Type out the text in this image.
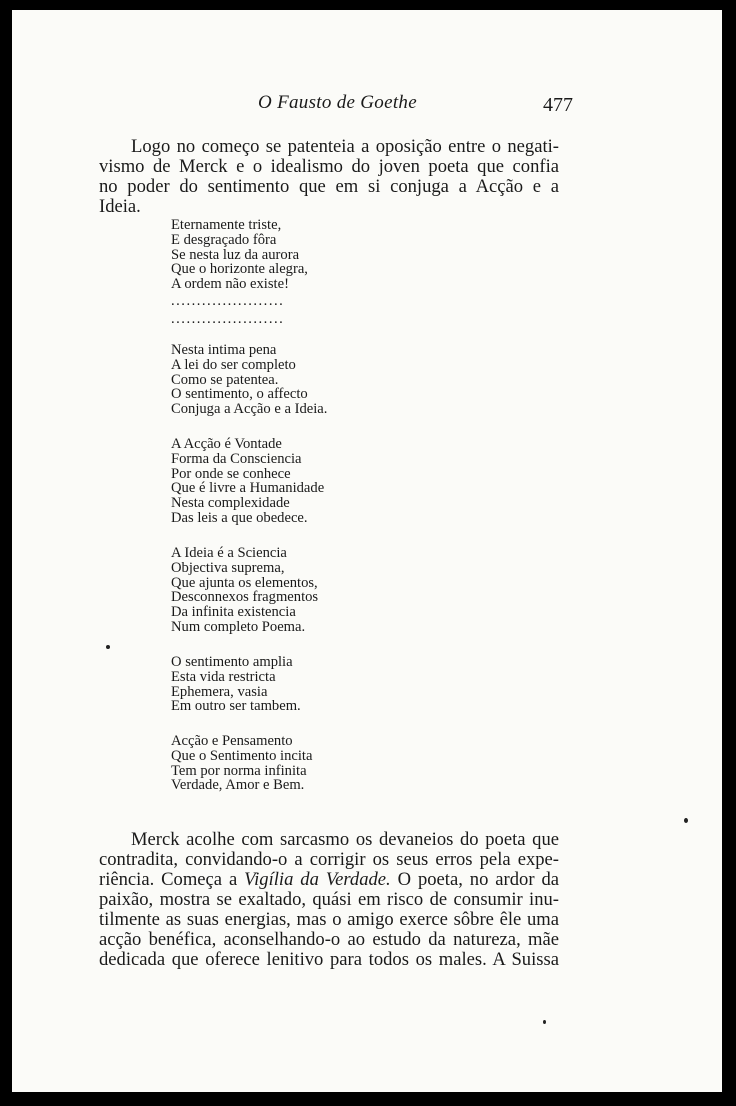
O Fausto de Goethe	477
Logo no começo se patenteia a oposição entre o negati-
vismo de Merck e o idealismo do joven poeta que confia
no poder do sentimento que em si conjuga a Acção e a
Ideia.
Eternamente triste,
E desgraçado fôra
Se nesta luz da aurora
Que o horizonte alegra,
A ordem não existe!
......................
......................
Nesta intima pena
A lei do ser completo
Como se patentea.
O sentimento, o affecto
Conjuga a Acção e a Ideia.
A Acção é Vontade
Forma da Consciencia
Por onde se conhece
Que é livre a Humanidade
Nesta complexidade
Das leis a que obedece.
A Ideia é a Sciencia
Objectiva suprema,
Que ajunta os elementos,
Desconnexos fragmentos
Da infinita existencia
Num completo Poema.
O sentimento amplia
Esta vida restricta
Ephemera, vasia
Em outro ser tambem.
Acção e Pensamento
Que o Sentimento incita
Tem por norma infinita
Verdade, Amor e Bem.
Merck acolhe com sarcasmo os devaneios do poeta que
contradita, convidando-o a corrigir os seus erros pela expe-
riência. Começa a Vigília da Verdade. O poeta, no ardor da
paixão, mostra se exaltado, quási em risco de consumir inu-
tilmente as suas energias, mas o amigo exerce sôbre êle uma
acção benéfica, aconselhando-o ao estudo da natureza, mãe
dedicada que oferece lenitivo para todos os males. A Suissa
